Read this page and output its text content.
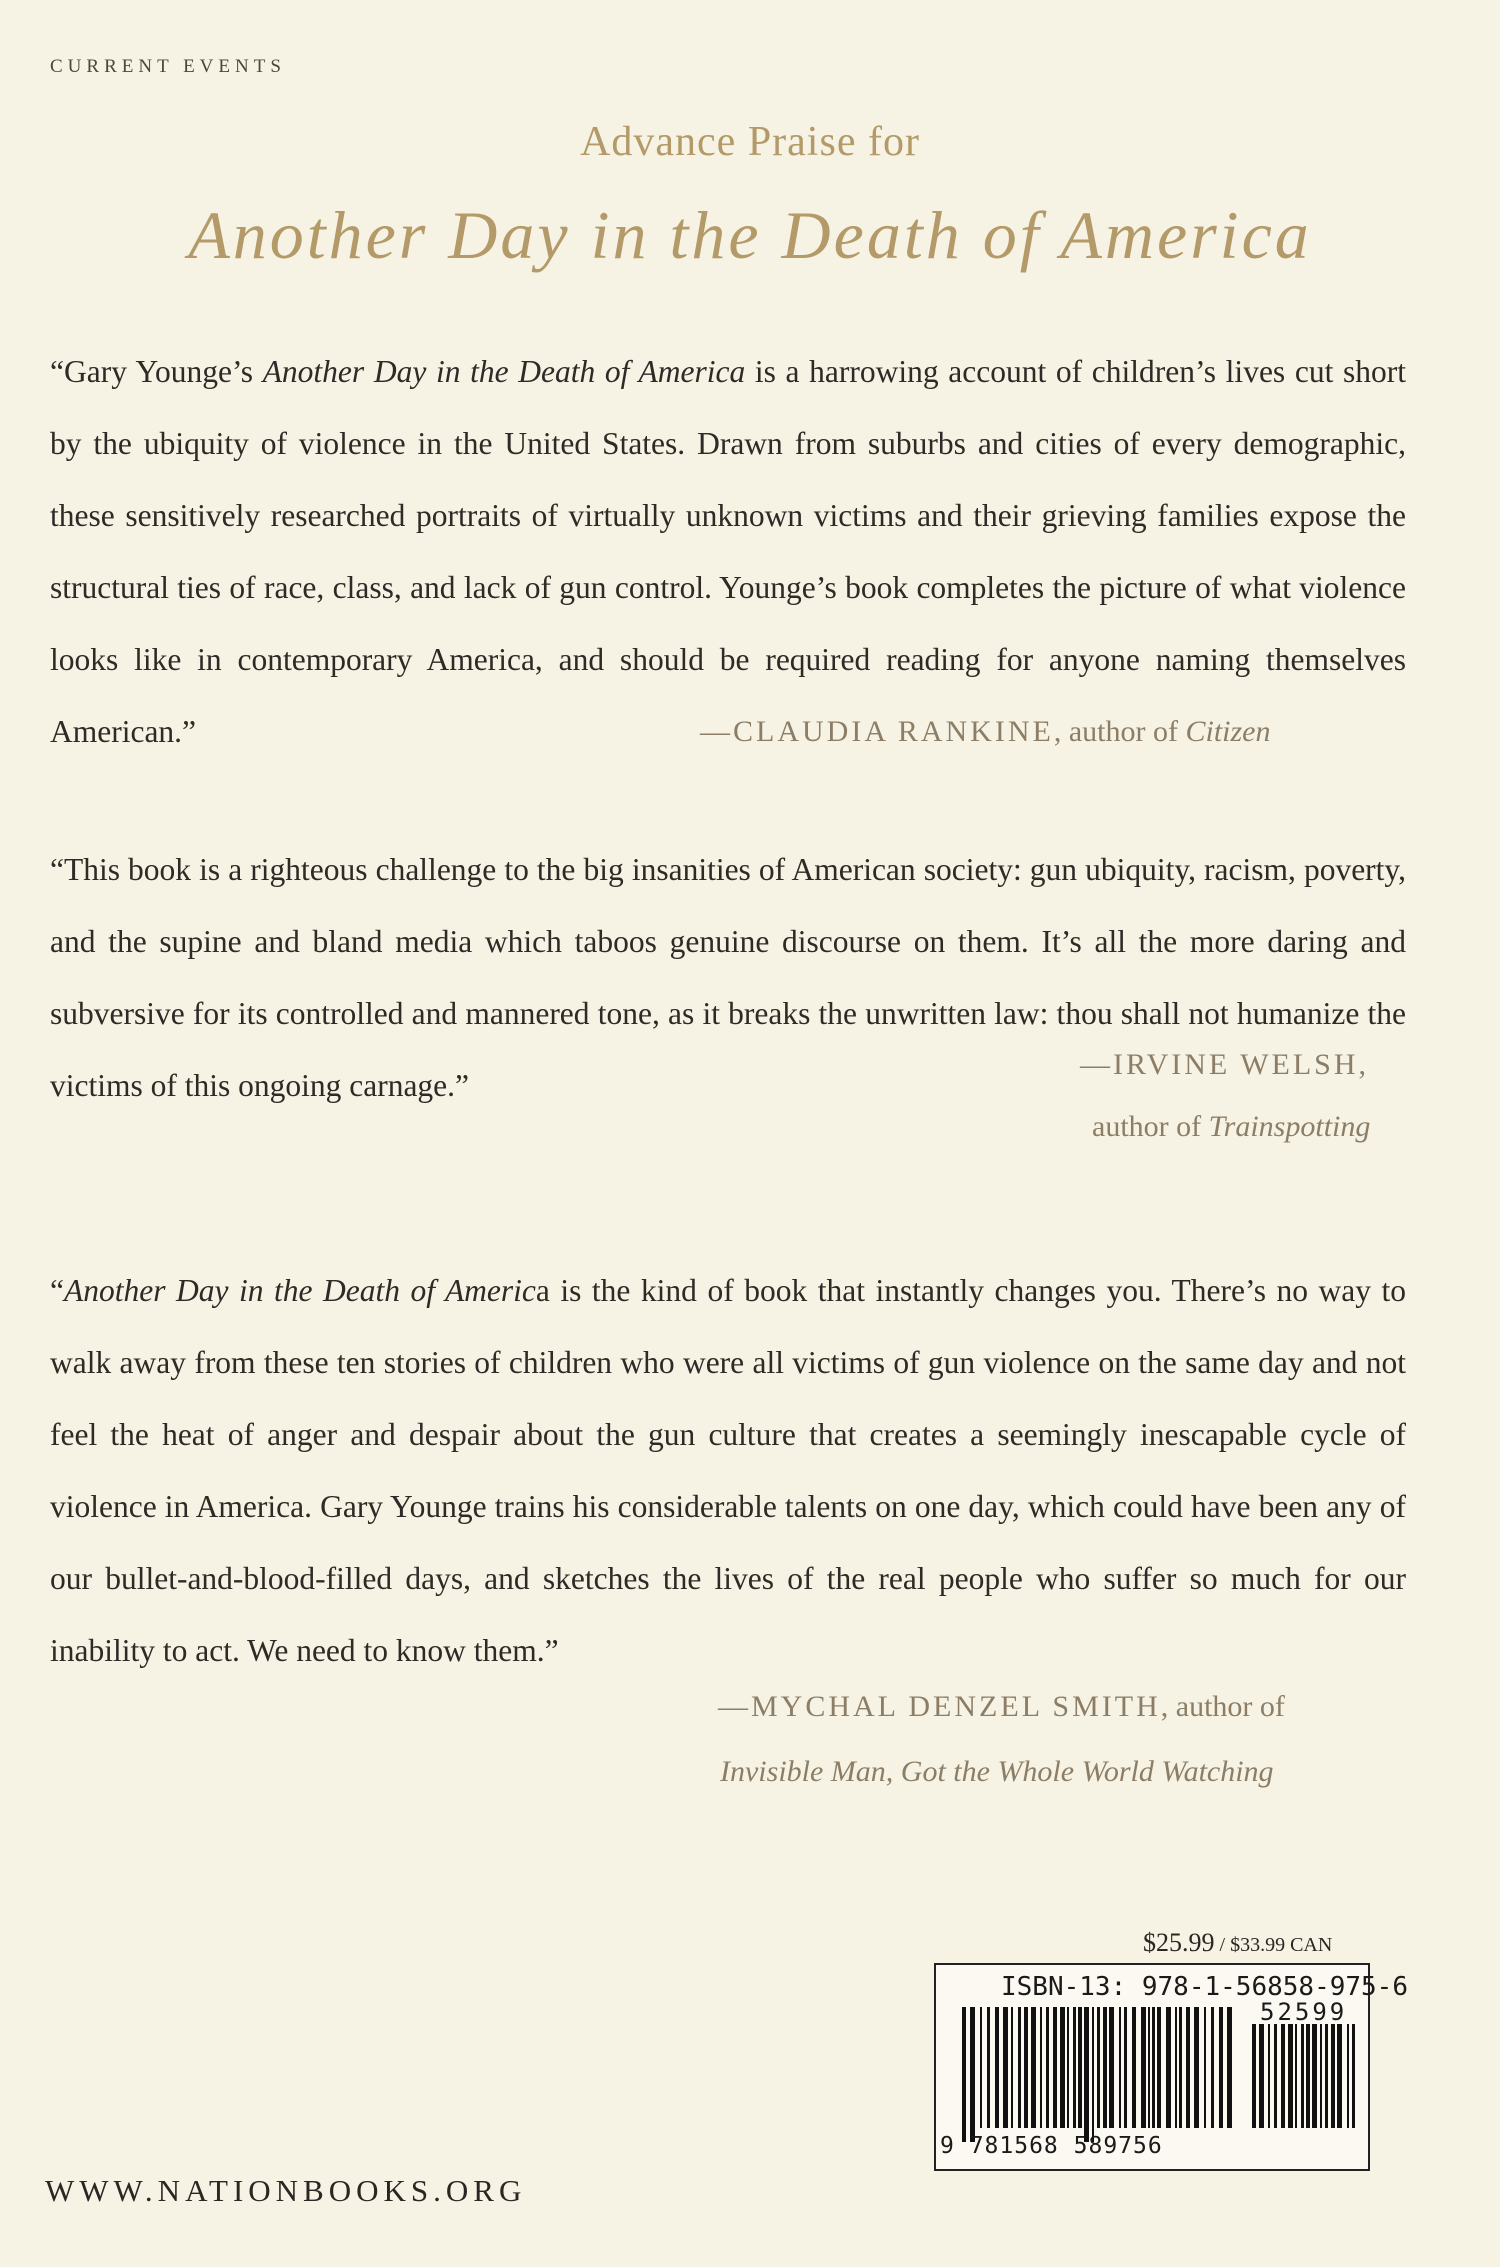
CURRENT EVENTS
Advance Praise for
Another Day in the Death of America
“Gary Younge’s Another Day in the Death of America is a harrowing account of children’s lives cut short by the ubiquity of violence in the United States. Drawn from suburbs and cities of every demographic, these sensitively researched portraits of virtually unknown victims and their grieving families expose the structural ties of race, class, and lack of gun control. Younge’s book completes the picture of what violence looks like in contemporary America, and should be required reading for anyone naming themselves American.”	—CLAUDIA RANKINE, author of Citizen
“This book is a righteous challenge to the big insanities of American society: gun ubiquity, racism, poverty, and the supine and bland media which taboos genuine discourse on them. It’s all the more daring and subversive for its controlled and mannered tone, as it breaks the unwritten law: thou shall not humanize the victims of this ongoing carnage.”
—IRVINE WELSH,
author of Trainspotting
“Another Day in the Death of America is the kind of book that instantly changes you. There’s no way to walk away from these ten stories of children who were all victims of gun violence on the same day and not feel the heat of anger and despair about the gun culture that creates a seemingly inescapable cycle of violence in America. Gary Younge trains his considerable talents on one day, which could have been any of our bullet-and-blood-filled days, and sketches the lives of the real people who suffer so much for our inability to act. We need to know them.”
—MYCHAL DENZEL SMITH, author of
Invisible Man, Got the Whole World Watching
$25.99 / $33.99 CAN
ISBN-13: 978-1-56858-975-6
52599
9 781568 589756
WWW.NATIONBOOKS.ORG
